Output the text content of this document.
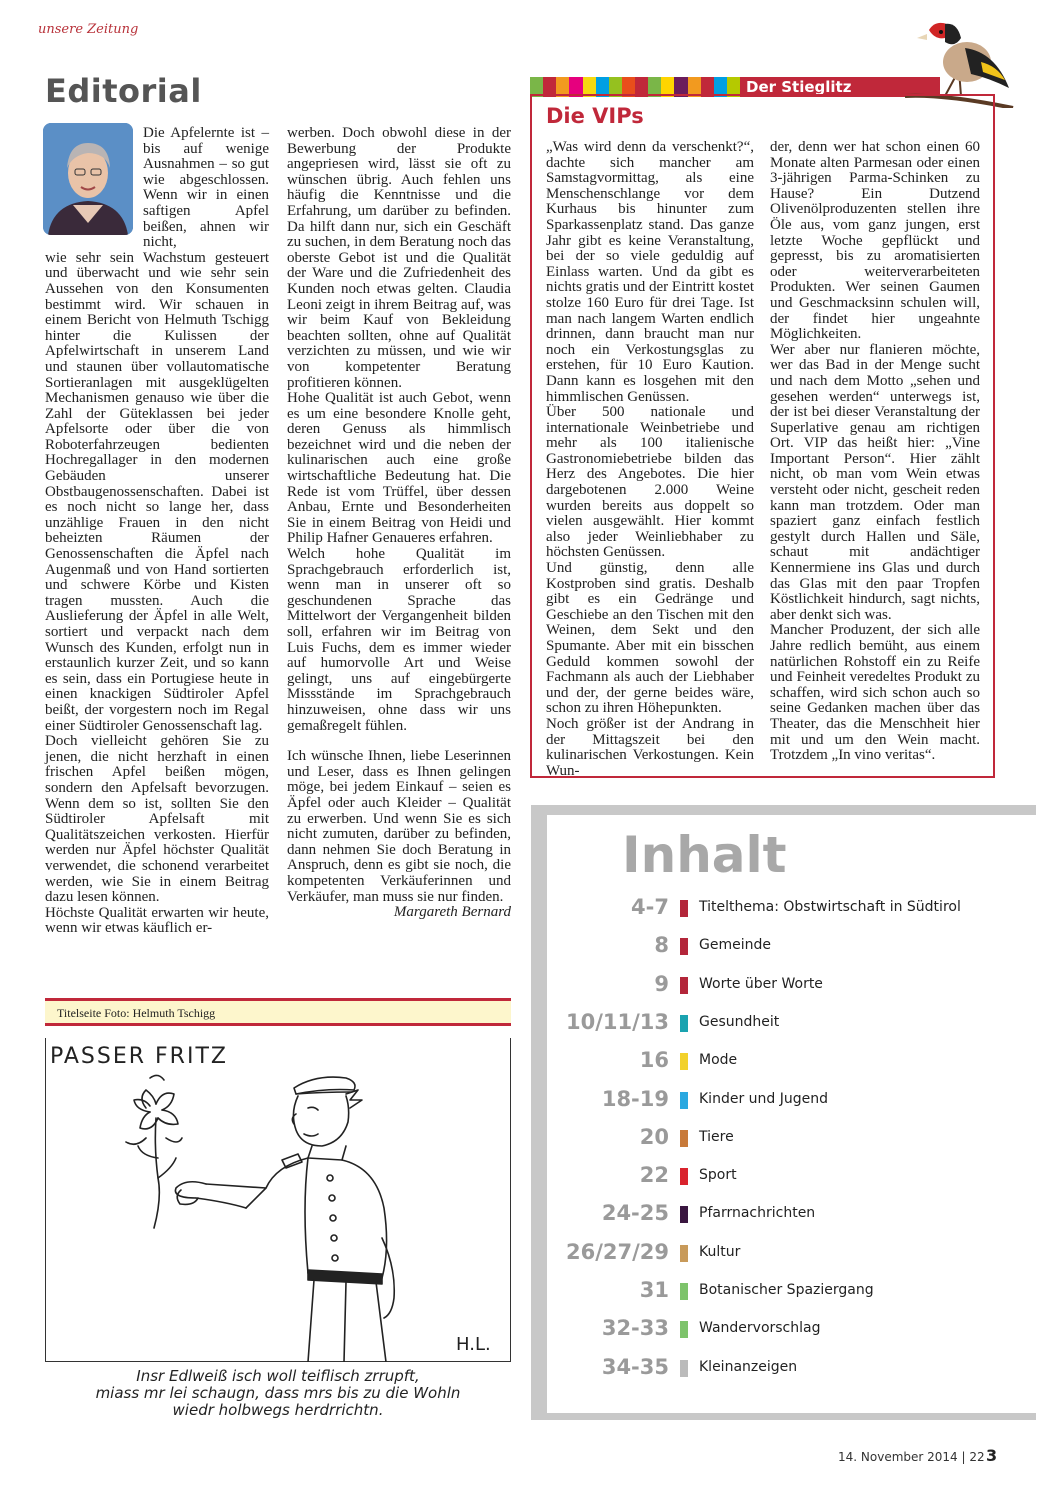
unsere Zeitung
Editorial

Die Apfelernte ist – bis auf wenige Ausnahmen – so gut wie abgeschlossen. Wenn wir in einen saftigen Apfel beißen, ahnen wir nicht,

wie sehr sein Wachstum gesteuert und überwacht und wie sehr sein Aussehen von den Konsumenten bestimmt wird. Wir schauen in einem Bericht von Helmuth Tschigg hinter die Kulissen der Apfelwirtschaft in unserem Land und staunen über vollautomatische Sortieranlagen mit ausgeklügelten Mechanismen genauso wie über die Zahl der Güteklassen bei jeder Apfelsorte oder über die von Roboterfahrzeugen bedienten Hochregallager in den modernen Gebäuden unserer Obstbaugenossenschaften. Dabei ist es noch nicht so lange her, dass unzählige Frauen in den nicht beheizten Räumen der Genossenschaften die Äpfel nach Augenmaß und von Hand sortierten und schwere Körbe und Kisten tragen mussten. Auch die Auslieferung der Äpfel in alle Welt, sortiert und verpackt nach dem Wunsch des Kunden, erfolgt nun in erstaunlich kurzer Zeit, und so kann es sein, dass ein Portugiese heute in einen knackigen Südtiroler Apfel beißt, der vorgestern noch im Regal einer Südtiroler Genossenschaft lag.

Doch vielleicht gehören Sie zu jenen, die nicht herzhaft in einen frischen Apfel beißen mögen, sondern den Apfelsaft bevorzugen. Wenn dem so ist, sollten Sie den Südtiroler Apfelsaft mit Qualitätszeichen verkosten. Hierfür werden nur Äpfel höchster Qualität verwendet, die schonend verarbeitet werden, wie Sie in einem Beitrag dazu lesen können.

Höchste Qualität erwarten wir heute, wenn wir etwas käuflich er-

werben. Doch obwohl diese in der Bewerbung der Produkte angepriesen wird, lässt sie oft zu wünschen übrig. Auch fehlen uns häufig die Kenntnisse und die Erfahrung, um darüber zu befinden. Da hilft dann nur, sich ein Geschäft zu suchen, in dem Beratung noch das oberste Gebot ist und die Qualität der Ware und die Zufriedenheit des Kunden noch etwas gelten. Claudia Leoni zeigt in ihrem Beitrag auf, was wir beim Kauf von Bekleidung beachten sollten, ohne auf Qualität verzichten zu müssen, und wie wir von kompetenter Beratung profitieren können.

Hohe Qualität ist auch Gebot, wenn es um eine besondere Knolle geht, deren Genuss als himmlisch bezeichnet wird und die neben der kulinarischen auch eine große wirtschaftliche Bedeutung hat. Die Rede ist vom Trüffel, über dessen Anbau, Ernte und Besonderheiten Sie in einem Beitrag von Heidi und Philip Hafner Genaueres erfahren.

Welch hohe Qualität im Sprachgebrauch erforderlich ist, wenn man in unserer oft so geschundenen Sprache das Mittelwort der Vergangenheit bilden soll, erfahren wir im Beitrag von Luis Fuchs, dem es immer wieder auf humorvolle Art und Weise gelingt, uns auf eingebürgerte Missstände im Sprachgebrauch hinzuweisen, ohne dass wir uns gemaßregelt fühlen.

Ich wünsche Ihnen, liebe Leserinnen und Leser, dass es Ihnen gelingen möge, bei jedem Einkauf – seien es Äpfel oder auch Kleider – Qualität zu erwerben. Und wenn Sie es sich nicht zumuten, darüber zu befinden, dann nehmen Sie doch Beratung in Anspruch, denn es gibt sie noch, die kompetenten Verkäuferinnen und Verkäufer, man muss sie nur finden.

Margareth Bernard

Titelseite Foto: Helmuth Tschigg
H.L.
PASSER FRITZ
Insr Edlweiß isch woll teiflisch zrrupft,
miass mr lei schaugn, dass mrs bis zu die Wohln
wiedr holbwegs herdrrichtn.
Der Stieglitz
Die VIPs

„Was wird denn da verschenkt?“, dachte sich mancher am Samstagvormittag, als eine Menschenschlange vor dem Kurhaus bis hinunter zum Sparkassenplatz stand. Das ganze Jahr gibt es keine Veranstaltung, bei der so viele geduldig auf Einlass warten. Und da gibt es nichts gratis und der Eintritt kostet stolze 160 Euro für drei Tage. Ist man nach langem Warten endlich drinnen, dann braucht man nur noch ein Verkostungsglas zu erstehen, für 10 Euro Kaution. Dann kann es losgehen mit den himmlischen Genüssen.

Über 500 nationale und internationale Weinbetriebe und mehr als 100 italienische Gastronomiebetriebe bilden das Herz des Angebotes. Die hier dargebotenen 2.000 Weine wurden bereits aus doppelt so vielen ausgewählt. Hier kommt also jeder Weinliebhaber zu höchsten Genüssen.

Und günstig, denn alle Kostproben sind gratis. Deshalb gibt es ein Gedränge und Geschiebe an den Tischen mit den Weinen, dem Sekt und den Spumante. Aber mit ein bisschen Geduld kommen sowohl der Fachmann als auch der Liebhaber und der, der gerne beides wäre, schon zu ihren Höhepunkten.

Noch größer ist der Andrang in der Mittagszeit bei den kulinarischen Verkostungen. Kein Wun-

der, denn wer hat schon einen 60 Monate alten Parmesan oder einen 3-jährigen Parma-Schinken zu Hause? Ein Dutzend Olivenölproduzenten stellen ihre Öle aus, vom ganz jungen, erst letzte Woche gepflückt und gepresst, bis zu aromatisierten oder weiterverarbeiteten Produkten. Wer seinen Gaumen und Geschmacksinn schulen will, der findet hier ungeahnte Möglichkeiten.

Wer aber nur flanieren möchte, wer das Bad in der Menge sucht und nach dem Motto „sehen und gesehen werden“ unterwegs ist, der ist bei dieser Veranstaltung der Superlative genau am richtigen Ort. VIP das heißt hier: „Vine Important Person“. Hier zählt nicht, ob man vom Wein etwas versteht oder nicht, gescheit reden kann man trotzdem. Oder man spaziert ganz einfach festlich gestylt durch Hallen und Säle, schaut mit andächtiger Kennermiene ins Glas und durch das Glas mit den paar Tropfen Köstlichkeit hindurch, sagt nichts, aber denkt sich was.

Mancher Produzent, der sich alle Jahre redlich bemüht, aus einem natürlichen Rohstoff ein zu Reife und Feinheit veredeltes Produkt zu schaffen, wird sich schon auch so seine Gedanken machen über das Theater, das die Menschheit hier mit und um den Wein macht. Trotzdem „In vino veritas“.

Inhalt
4-7 Titelthema: Obstwirtschaft in Südtirol
8 Gemeinde
9 Worte über Worte
10/11/13 Gesundheit
16 Mode
18-19 Kinder und Jugend
20 Tiere
22 Sport
24-25 Pfarrnachrichten
26/27/29 Kultur
31 Botanischer Spaziergang
32-33 Wandervorschlag
34-35 Kleinanzeigen
14. November 2014 | 22 3
